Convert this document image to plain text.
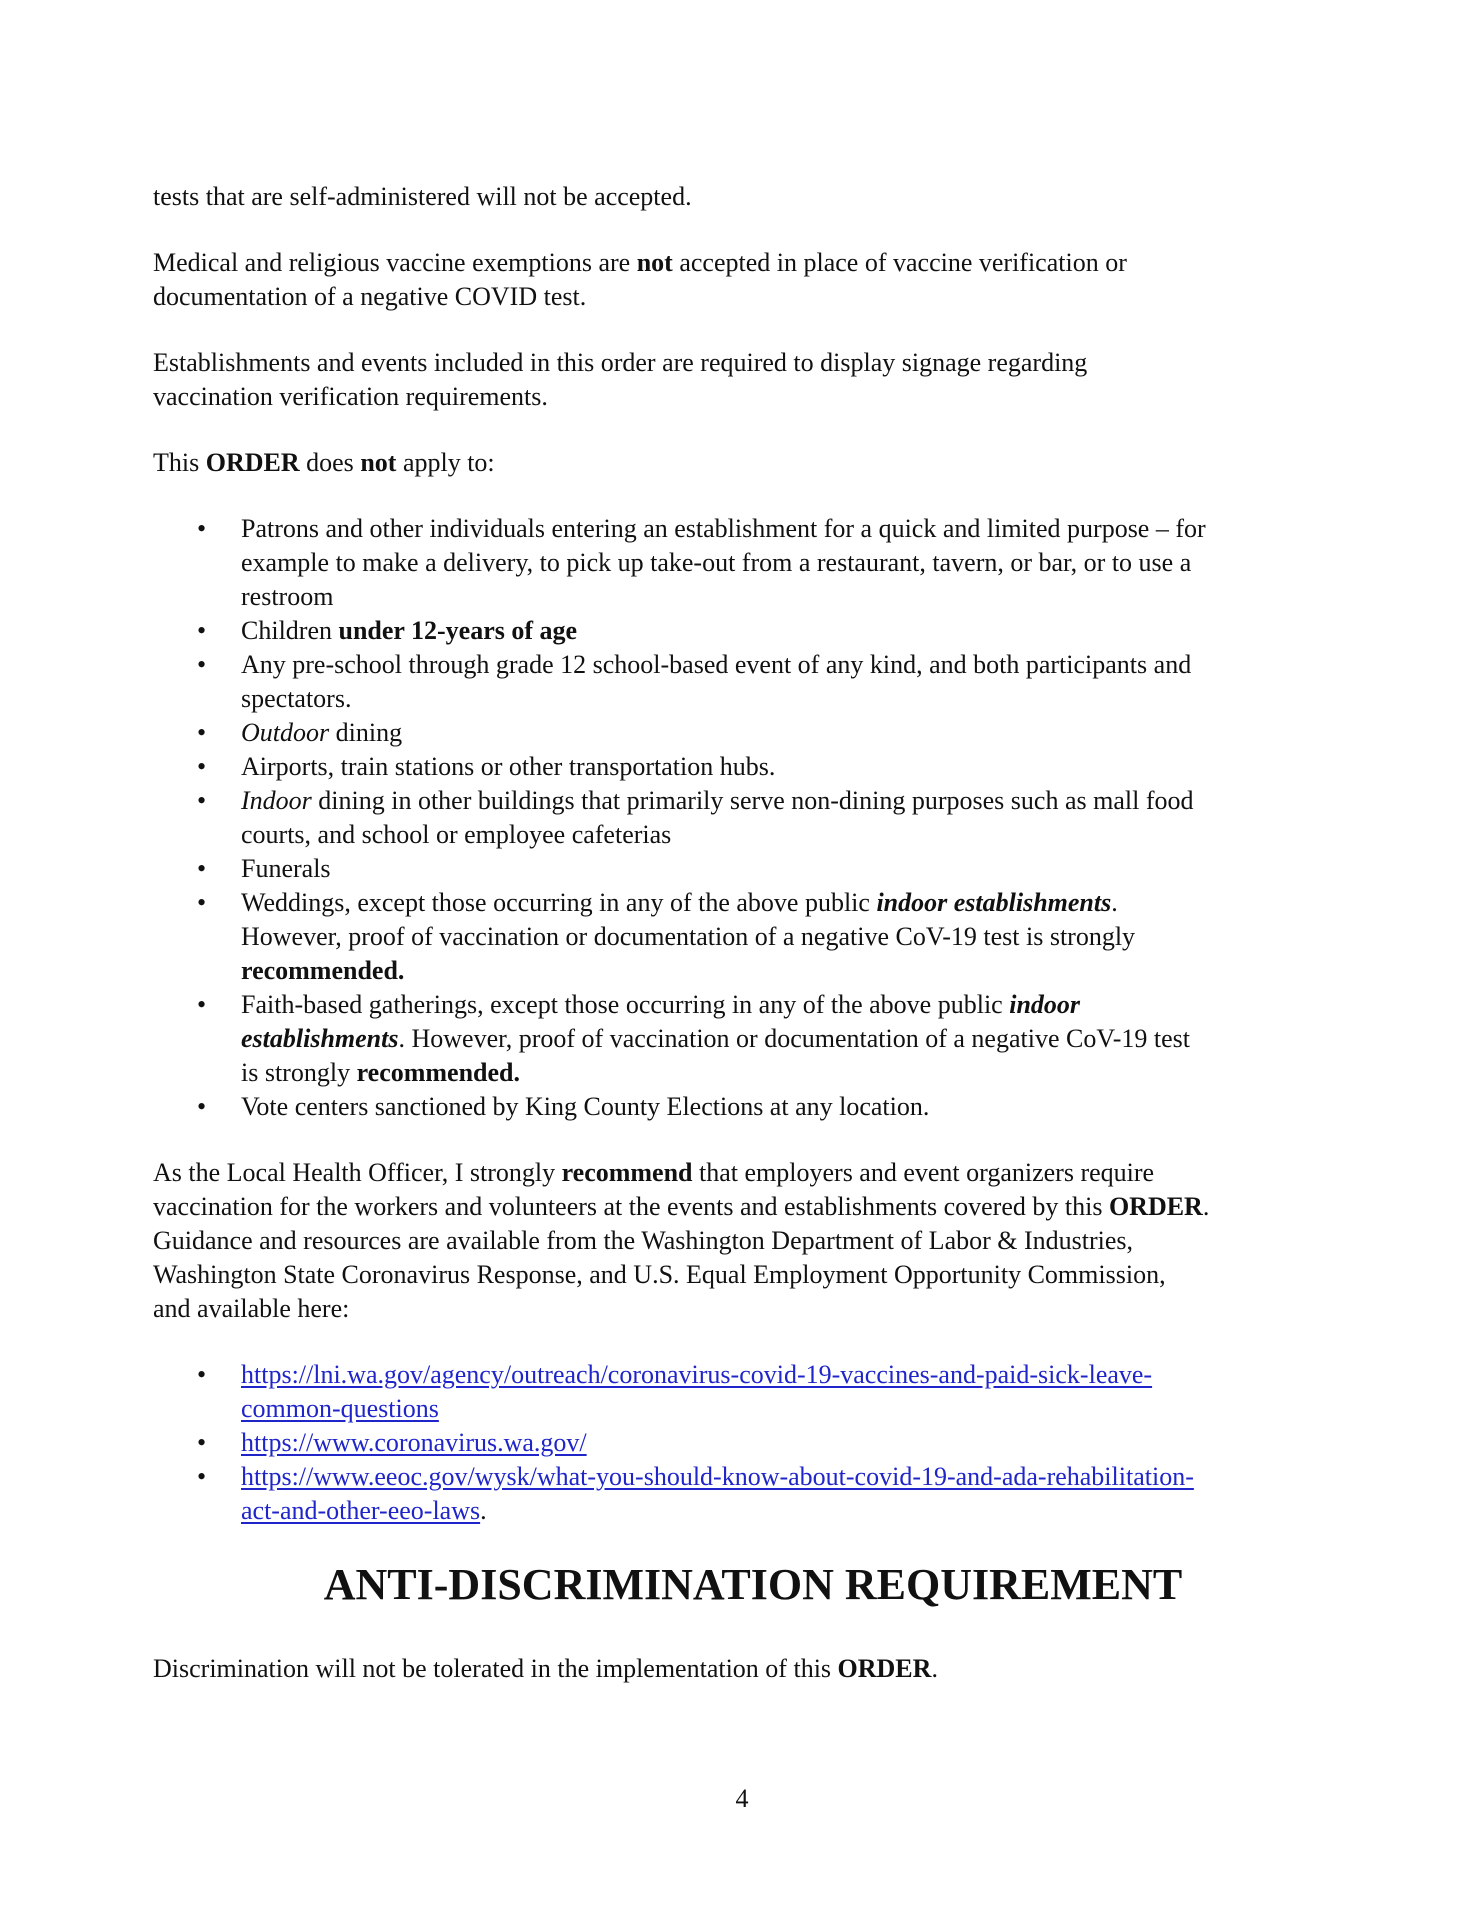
tests that are self-administered will not be accepted.

Medical and religious vaccine exemptions are not accepted in place of vaccine verification or
documentation of a negative COVID test.

Establishments and events included in this order are required to display signage regarding
vaccination verification requirements.

This ORDER does not apply to:

• Patrons and other individuals entering an establishment for a quick and limited purpose – for
example to make a delivery, to pick up take-out from a restaurant, tavern, or bar, or to use a
restroom
• Children under 12-years of age
• Any pre-school through grade 12 school-based event of any kind, and both participants and
spectators.
• Outdoor dining
• Airports, train stations or other transportation hubs.
• Indoor dining in other buildings that primarily serve non-dining purposes such as mall food
courts, and school or employee cafeterias
• Funerals
• Weddings, except those occurring in any of the above public indoor establishments.
However, proof of vaccination or documentation of a negative CoV-19 test is strongly
recommended.
• Faith-based gatherings, except those occurring in any of the above public indoor
establishments. However, proof of vaccination or documentation of a negative CoV-19 test
is strongly recommended.
• Vote centers sanctioned by King County Elections at any location.

As the Local Health Officer, I strongly recommend that employers and event organizers require
vaccination for the workers and volunteers at the events and establishments covered by this ORDER.
Guidance and resources are available from the Washington Department of Labor & Industries,
Washington State Coronavirus Response, and U.S. Equal Employment Opportunity Commission,
and available here:

• https://lni.wa.gov/agency/outreach/coronavirus-covid-19-vaccines-and-paid-sick-leave-
common-questions
• https://www.coronavirus.wa.gov/
• https://www.eeoc.gov/wysk/what-you-should-know-about-covid-19-and-ada-rehabilitation-
act-and-other-eeo-laws.
ANTI-DISCRIMINATION REQUIREMENT

Discrimination will not be tolerated in the implementation of this ORDER.

4
